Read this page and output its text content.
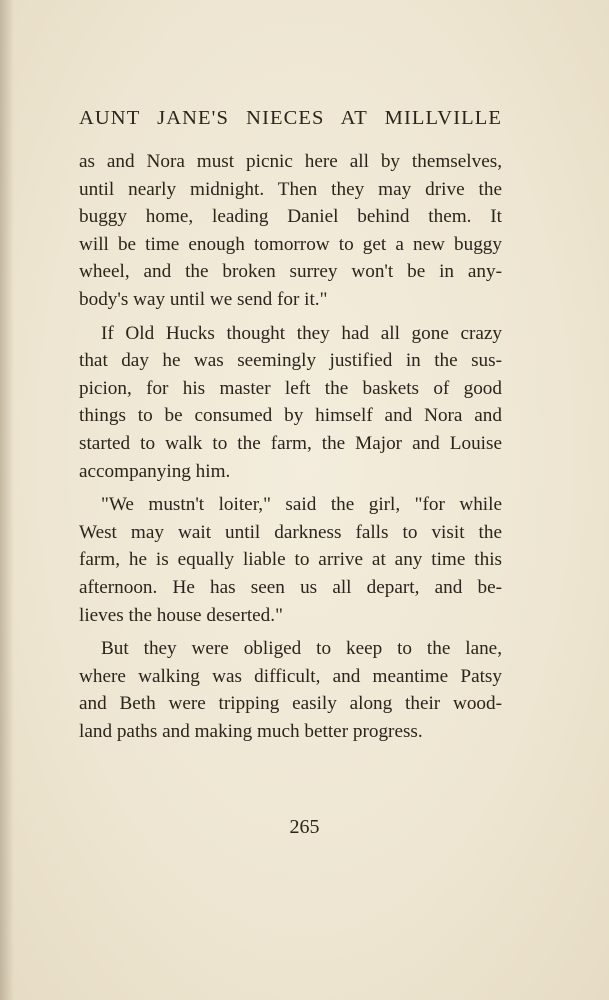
AUNT JANE'S NIECES AT MILLVILLE

as and Nora must picnic here all by themselves,
until nearly midnight. Then they may drive the
buggy home, leading Daniel behind them. It
will be time enough tomorrow to get a new buggy
wheel, and the broken surrey won't be in any-
body's way until we send for it."

If Old Hucks thought they had all gone crazy
that day he was seemingly justified in the sus-
picion, for his master left the baskets of good
things to be consumed by himself and Nora and
started to walk to the farm, the Major and Louise
accompanying him.

"We mustn't loiter," said the girl, "for while
West may wait until darkness falls to visit the
farm, he is equally liable to arrive at any time this
afternoon. He has seen us all depart, and be-
lieves the house deserted."

But they were obliged to keep to the lane,
where walking was difficult, and meantime Patsy
and Beth were tripping easily along their wood-
land paths and making much better progress.

265
